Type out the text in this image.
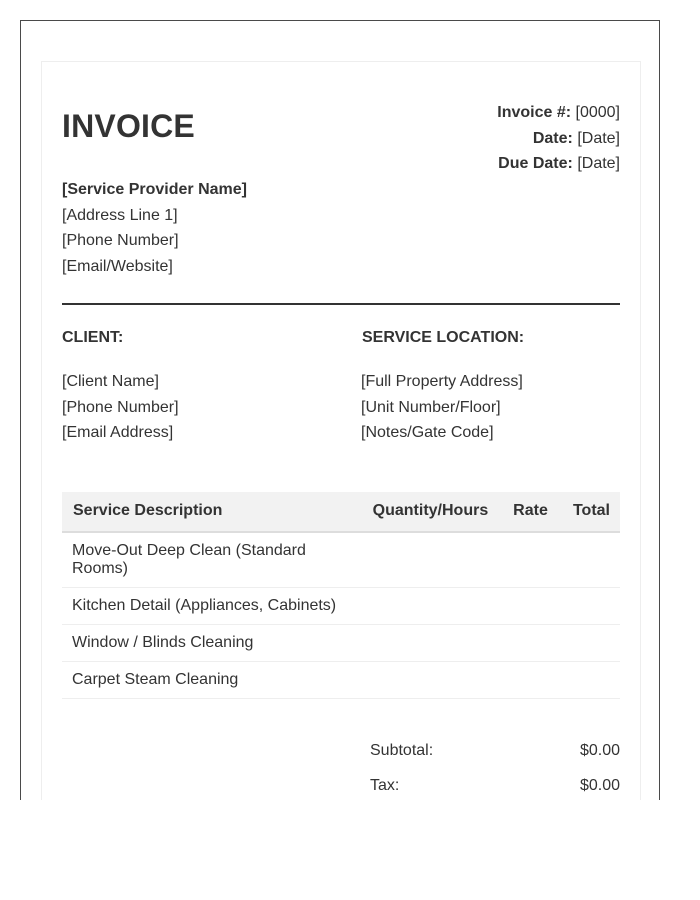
INVOICE	Invoice #: [0000]
Date: [Date]
Due Date: [Date]
[Service Provider Name]
[Address Line 1]
[Phone Number]
[Email/Website]
CLIENT:
[Client Name]
[Phone Number]
[Email Address]
SERVICE LOCATION:
[Full Property Address]
[Unit Number/Floor]
[Notes/Gate Code]
Service Description	Quantity/Hours	Rate	Total
Move-Out Deep Clean (Standard Rooms)			
Kitchen Detail (Appliances, Cabinets)			
Window / Blinds Cleaning			
Carpet Steam Cleaning			
Subtotal:	$0.00
Tax:	$0.00
